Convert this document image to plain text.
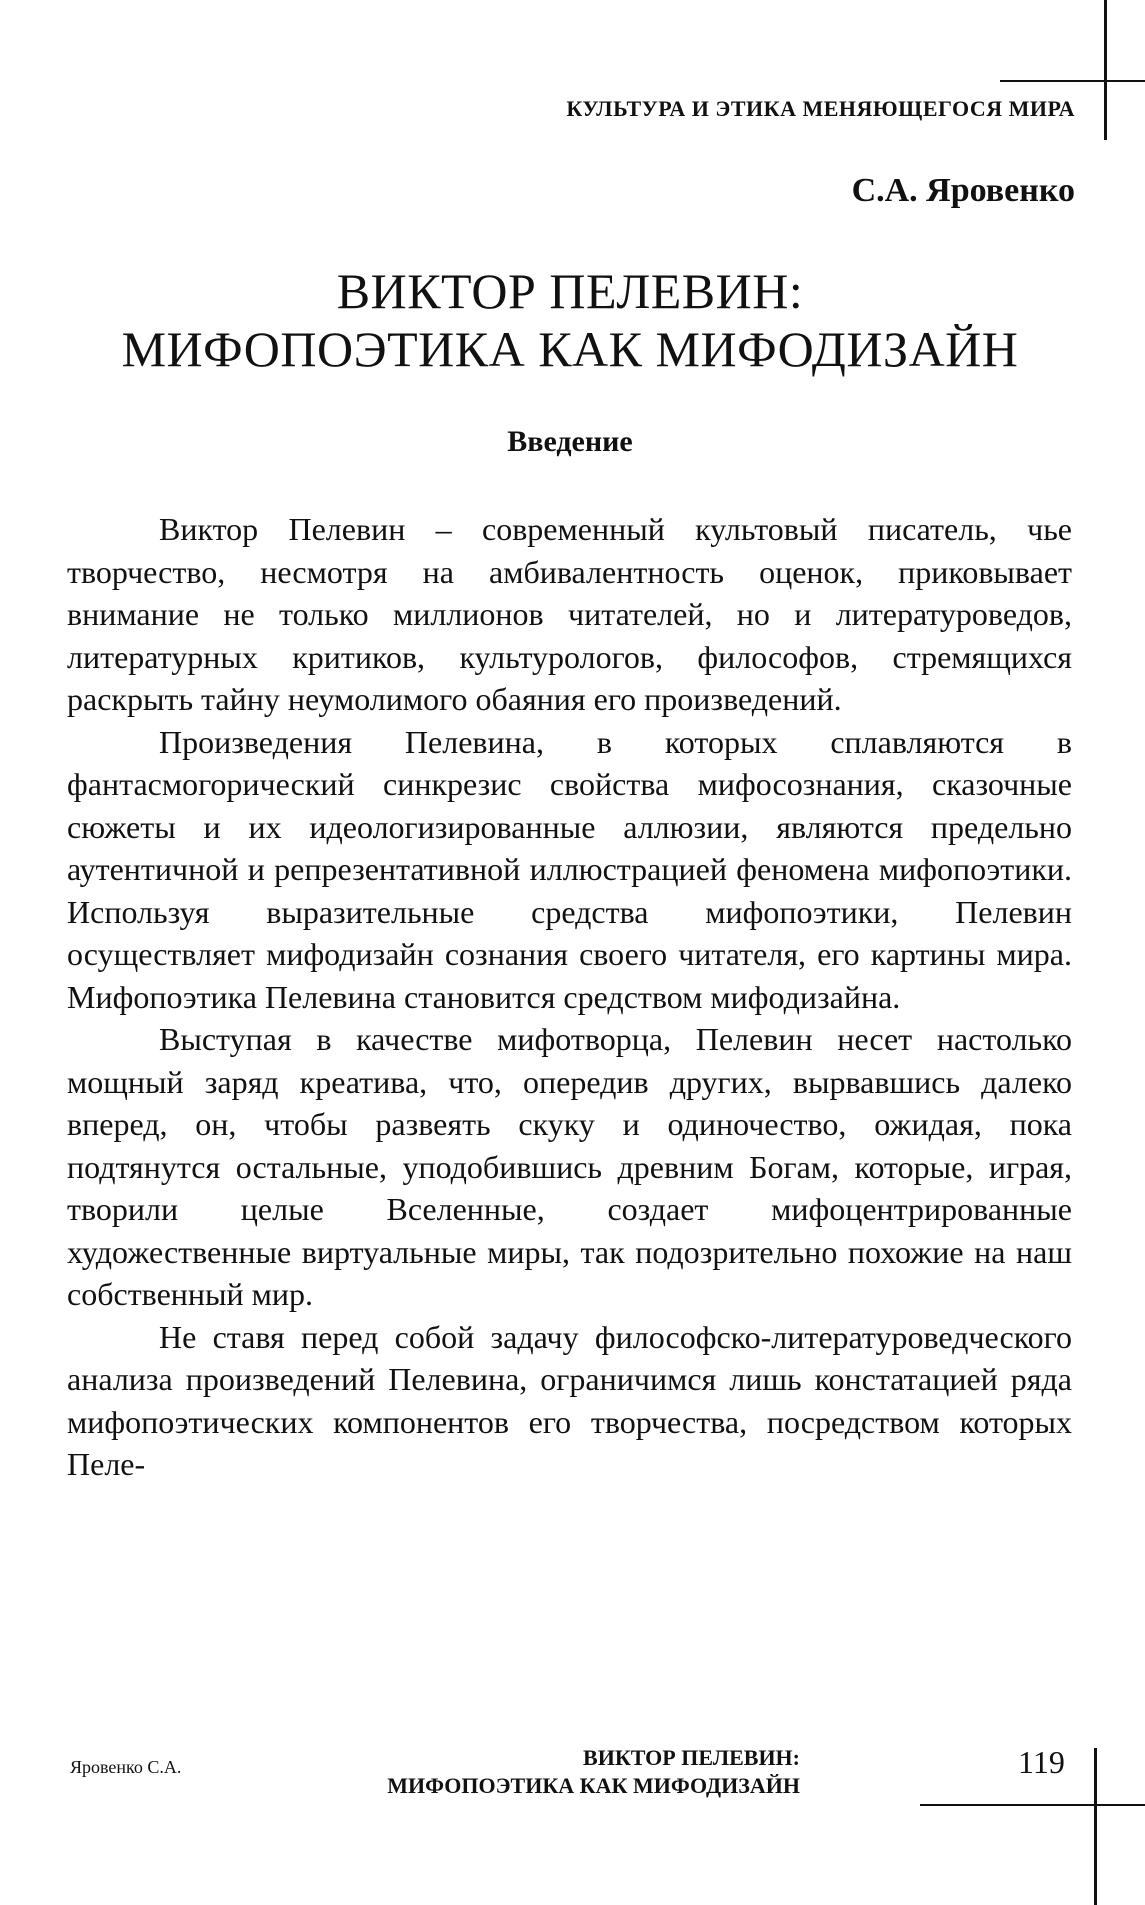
КУЛЬТУРА И ЭТИКА МЕНЯЮЩЕГОСЯ МИРА
С.А. Яровенко
ВИКТОР ПЕЛЕВИН:
МИФОПОЭТИКА КАК МИФОДИЗАЙН
Введение

Виктор Пелевин – современный культовый писатель, чье творчество, несмотря на амбивалентность оценок, приковывает внимание не только миллионов читателей, но и литературоведов, литературных критиков, культурологов, философов, стремящихся раскрыть тайну неумолимого обаяния его произведений.

Произведения Пелевина, в которых сплавляются в фантасмогорический синкрезис свойства мифосознания, сказочные сюжеты и их идеологизированные аллюзии, являются предельно аутентичной и репрезентативной иллюстрацией феномена мифопоэтики. Используя выразительные средства мифопоэтики, Пелевин осуществляет мифодизайн сознания своего читателя, его картины мира. Мифопоэтика Пелевина становится средством мифодизайна.

Выступая в качестве мифотворца, Пелевин несет настолько мощный заряд креатива, что, опередив других, вырвавшись далеко вперед, он, чтобы развеять скуку и одиночество, ожидая, пока подтянутся остальные, уподобившись древним Богам, которые, играя, творили целые Вселенные, создает мифоцентрированные художественные виртуальные миры, так подозрительно похожие на наш собственный мир.

Не ставя перед собой задачу философско-литературоведческого анализа произведений Пелевина, ограничимся лишь констатацией ряда мифопоэтических компонентов его творчества, посредством которых Пеле-

Яровенко С.А.	ВИКТОР ПЕЛЕВИН:
МИФОПОЭТИКА КАК МИФОДИЗАЙН
119
